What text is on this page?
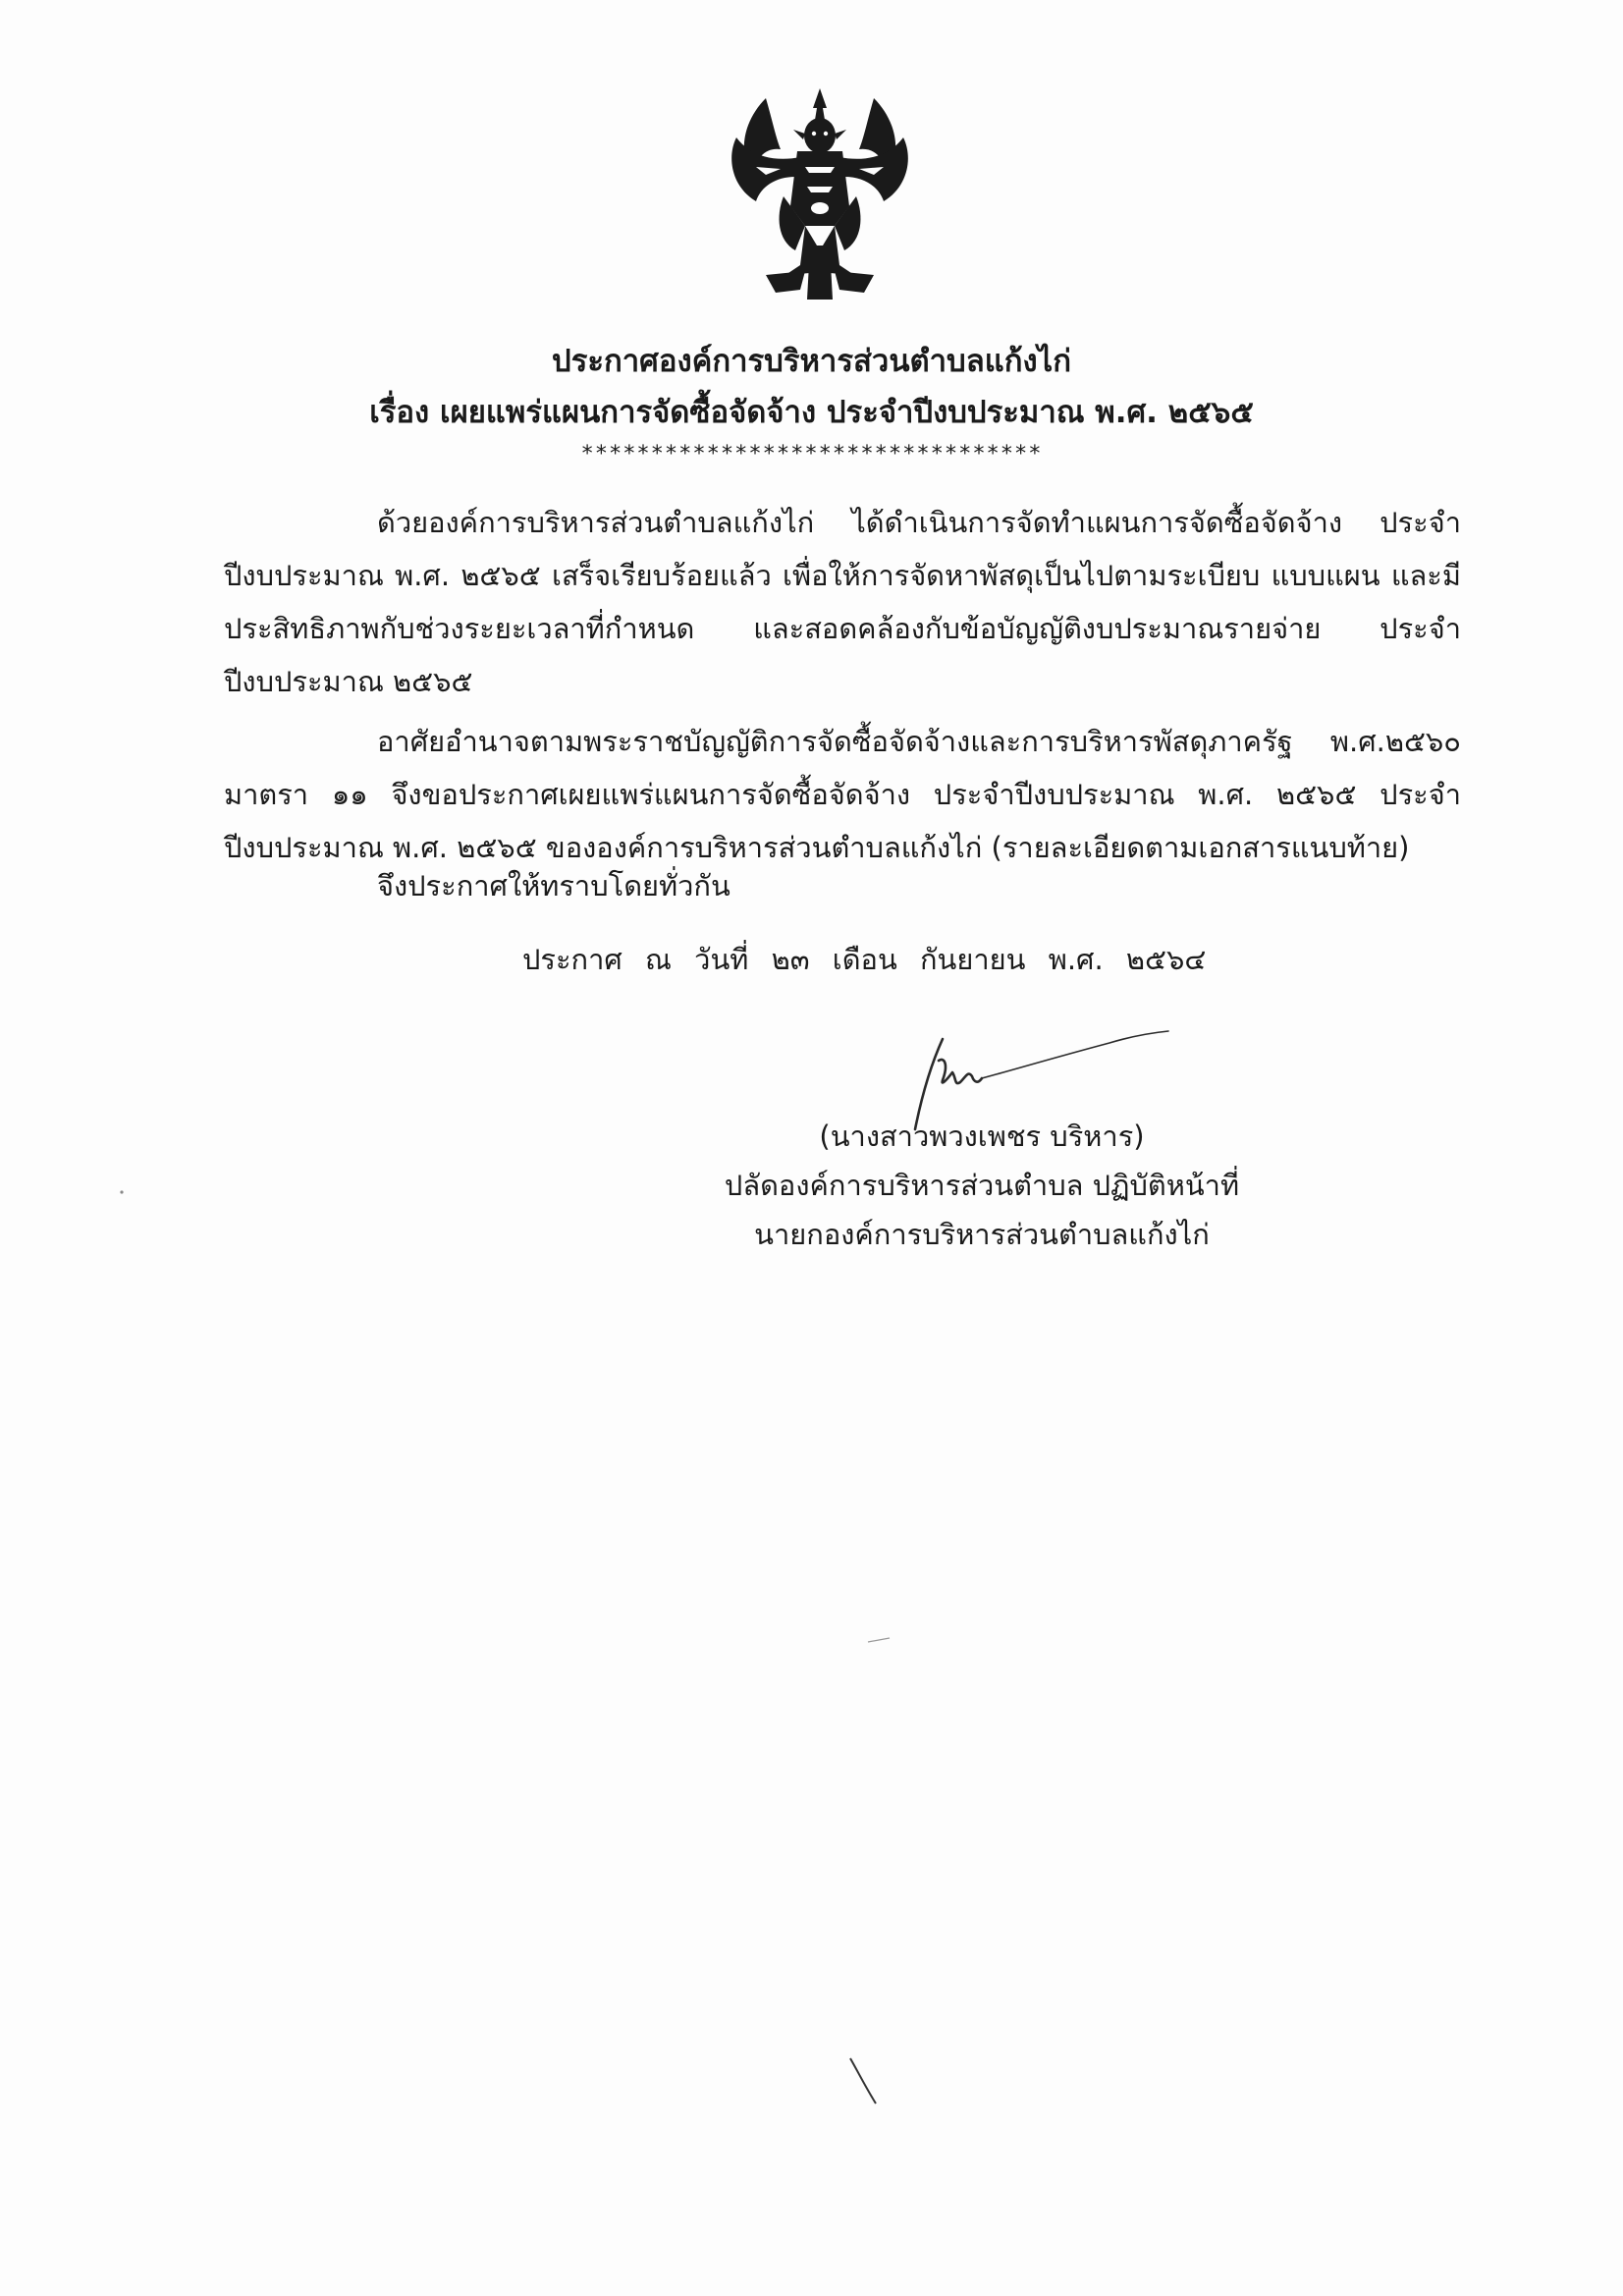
ประกาศองค์การบริหารส่วนตำบลแก้งไก่
เรื่อง เผยแพร่แผนการจัดซื้อจัดจ้าง ประจำปีงบประมาณ พ.ศ. ๒๕๖๕
*********************************

ด้วยองค์การบริหารส่วนตำบลแก้งไก่ ได้ดำเนินการจัดทำแผนการจัดซื้อจัดจ้าง ประจำปีงบประมาณ พ.ศ. ๒๕๖๕ เสร็จเรียบร้อยแล้ว เพื่อให้การจัดหาพัสดุเป็นไปตามระเบียบ แบบแผน และมีประสิทธิภาพกับช่วงระยะเวลาที่กำหนด และสอดคล้องกับข้อบัญญัติงบประมาณรายจ่าย ประจำปีงบประมาณ ๒๕๖๕

อาศัยอำนาจตามพระราชบัญญัติการจัดซื้อจัดจ้างและการบริหารพัสดุภาครัฐ พ.ศ.๒๕๖๐ มาตรา ๑๑ จึงขอประกาศเผยแพร่แผนการจัดซื้อจัดจ้าง ประจำปีงบประมาณ พ.ศ. ๒๕๖๕ ประจำปีงบประมาณ พ.ศ. ๒๕๖๕ ขององค์การบริหารส่วนตำบลแก้งไก่ (รายละเอียดตามเอกสารแนบท้าย)

จึงประกาศให้ทราบโดยทั่วกัน

ประกาศ ณ วันที่ ๒๓ เดือน กันยายน พ.ศ. ๒๕๖๔
(นางสาวพวงเพชร บริหาร)
ปลัดองค์การบริหารส่วนตำบล ปฏิบัติหน้าที่
นายกองค์การบริหารส่วนตำบลแก้งไก่
